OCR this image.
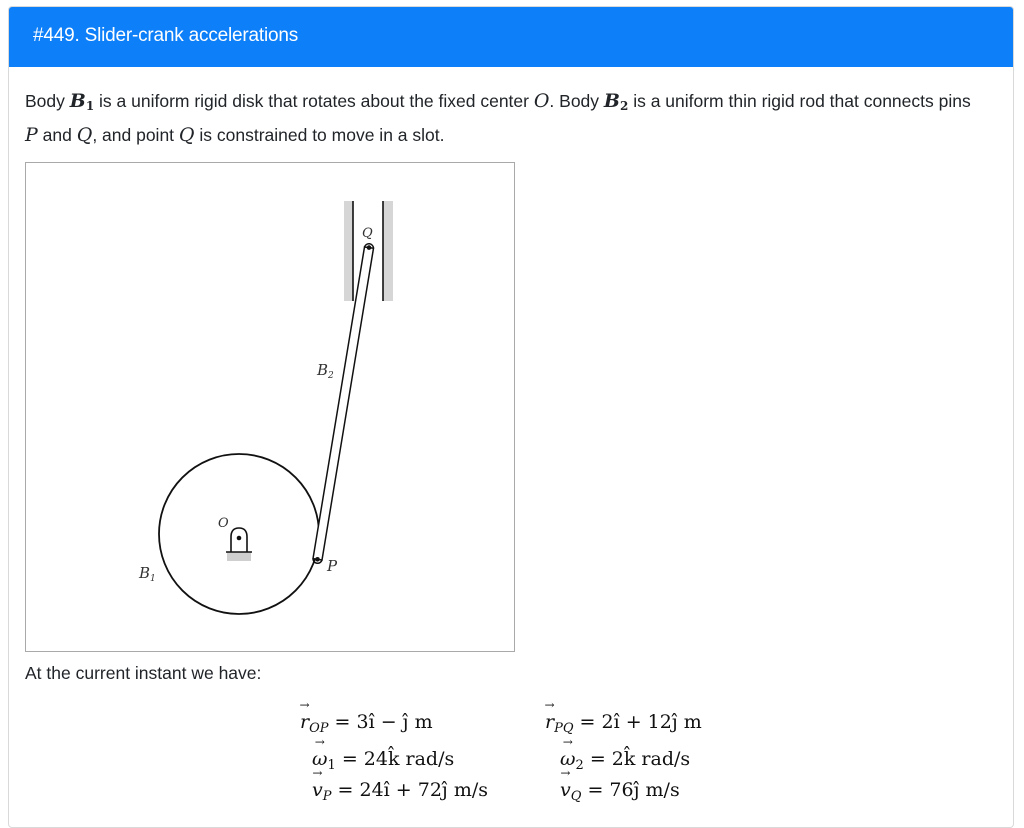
#449. Slider-crank accelerations
Body $B_1$ is a uniform rigid disk that rotates about the fixed center O. Body $B_2$ is a uniform thin rigid rod that connects pins P and Q, and point Q is constrained to move in a slot.
Q
$B_2$
O
P
$B_1$
At the current instant we have:
→ $r_{OP}$ = 3î − ĵ m
→ $\omega_1$ = 24k̂ rad/s
→ $v_P$ = 24î + 72ĵ m/s
→ $r_{PQ}$ = 2î + 12ĵ m
→ $\omega_2$ = 2k̂ rad/s
→ $v_Q$ = 76ĵ m/s
